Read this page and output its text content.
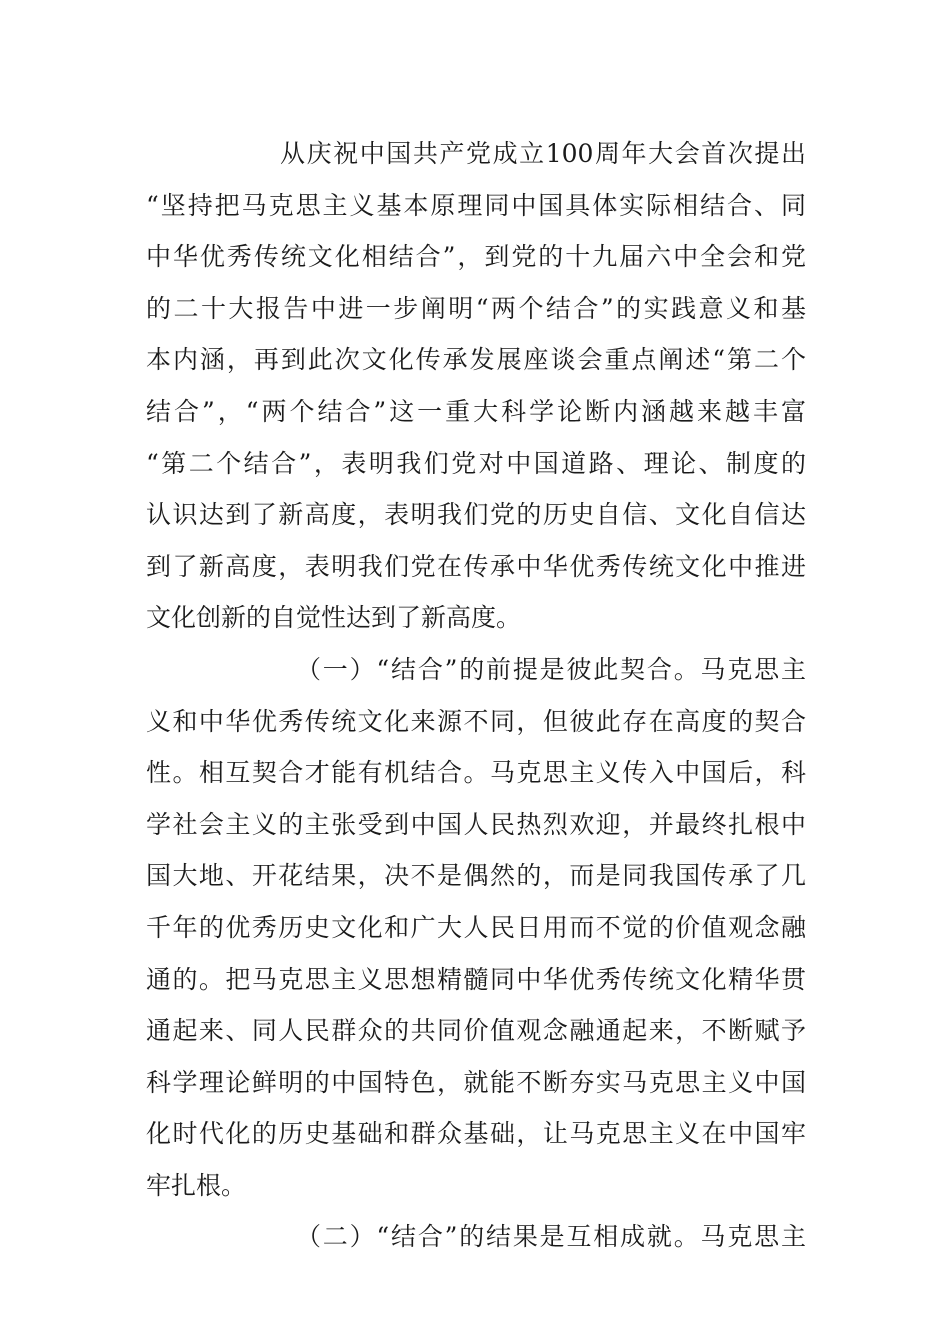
从庆祝中国共产党成立100周年大会首次提出
“坚持把马克思主义基本原理同中国具体实际相结合、同
中华优秀传统文化相结合”，到党的十九届六中全会和党
的二十大报告中进一步阐明“两个结合”的实践意义和基
本内涵，再到此次文化传承发展座谈会重点阐述“第二个
结合”，“两个结合”这一重大科学论断内涵越来越丰富
“第二个结合”，表明我们党对中国道路、理论、制度的
认识达到了新高度，表明我们党的历史自信、文化自信达
到了新高度，表明我们党在传承中华优秀传统文化中推进
文化创新的自觉性达到了新高度。
（一）“结合”的前提是彼此契合。马克思主
义和中华优秀传统文化来源不同，但彼此存在高度的契合
性。相互契合才能有机结合。马克思主义传入中国后，科
学社会主义的主张受到中国人民热烈欢迎，并最终扎根中
国大地、开花结果，决不是偶然的，而是同我国传承了几
千年的优秀历史文化和广大人民日用而不觉的价值观念融
通的。把马克思主义思想精髓同中华优秀传统文化精华贯
通起来、同人民群众的共同价值观念融通起来，不断赋予
科学理论鲜明的中国特色，就能不断夯实马克思主义中国
化时代化的历史基础和群众基础，让马克思主义在中国牢
牢扎根。
（二）“结合”的结果是互相成就。马克思主
